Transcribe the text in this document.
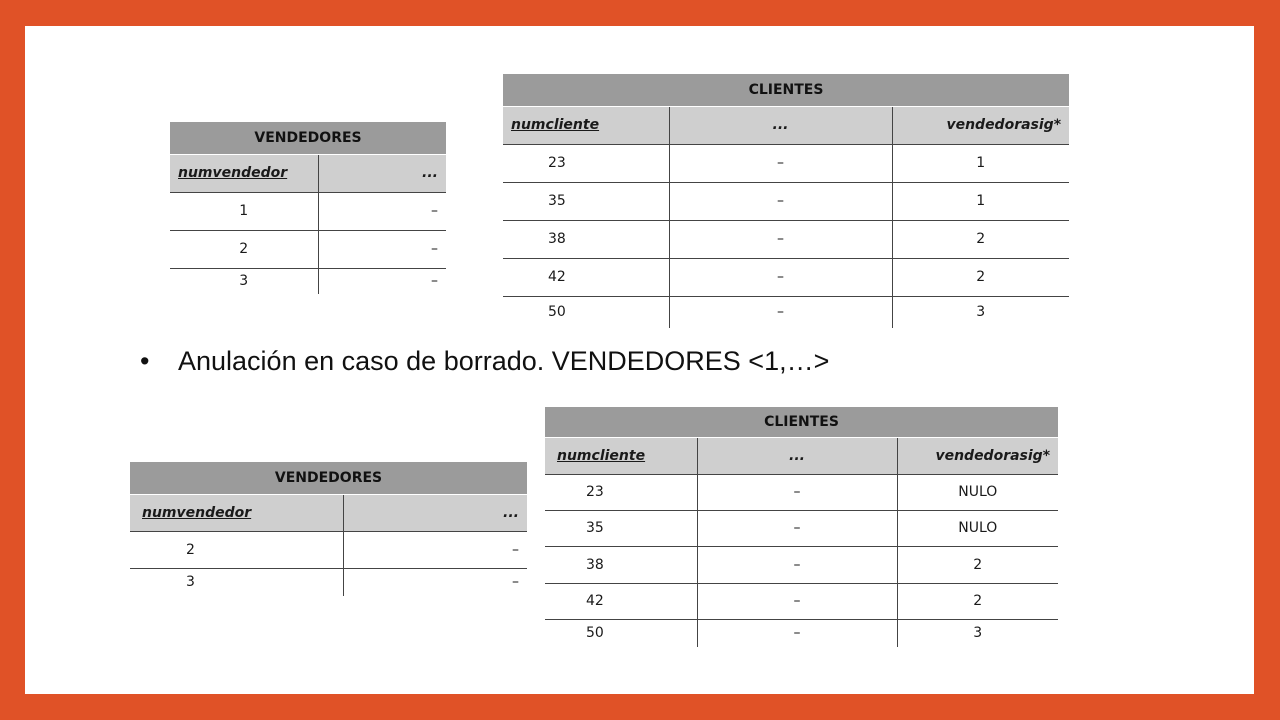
VENDEDORES	
numvendedor	...
1	–
2	–
3	–
CLIENTES		
numcliente	...	vendedorasig*
23	–	1
35	–	1
38	–	2
42	–	2
50	–	3
• Anulación en caso de borrado. VENDEDORES <1,…>
VENDEDORES	
numvendedor	...
2	–
3	–
CLIENTES		
numcliente	...	vendedorasig*
23	–	NULO
35	–	NULO
38	–	2
42	–	2
50	–	3
